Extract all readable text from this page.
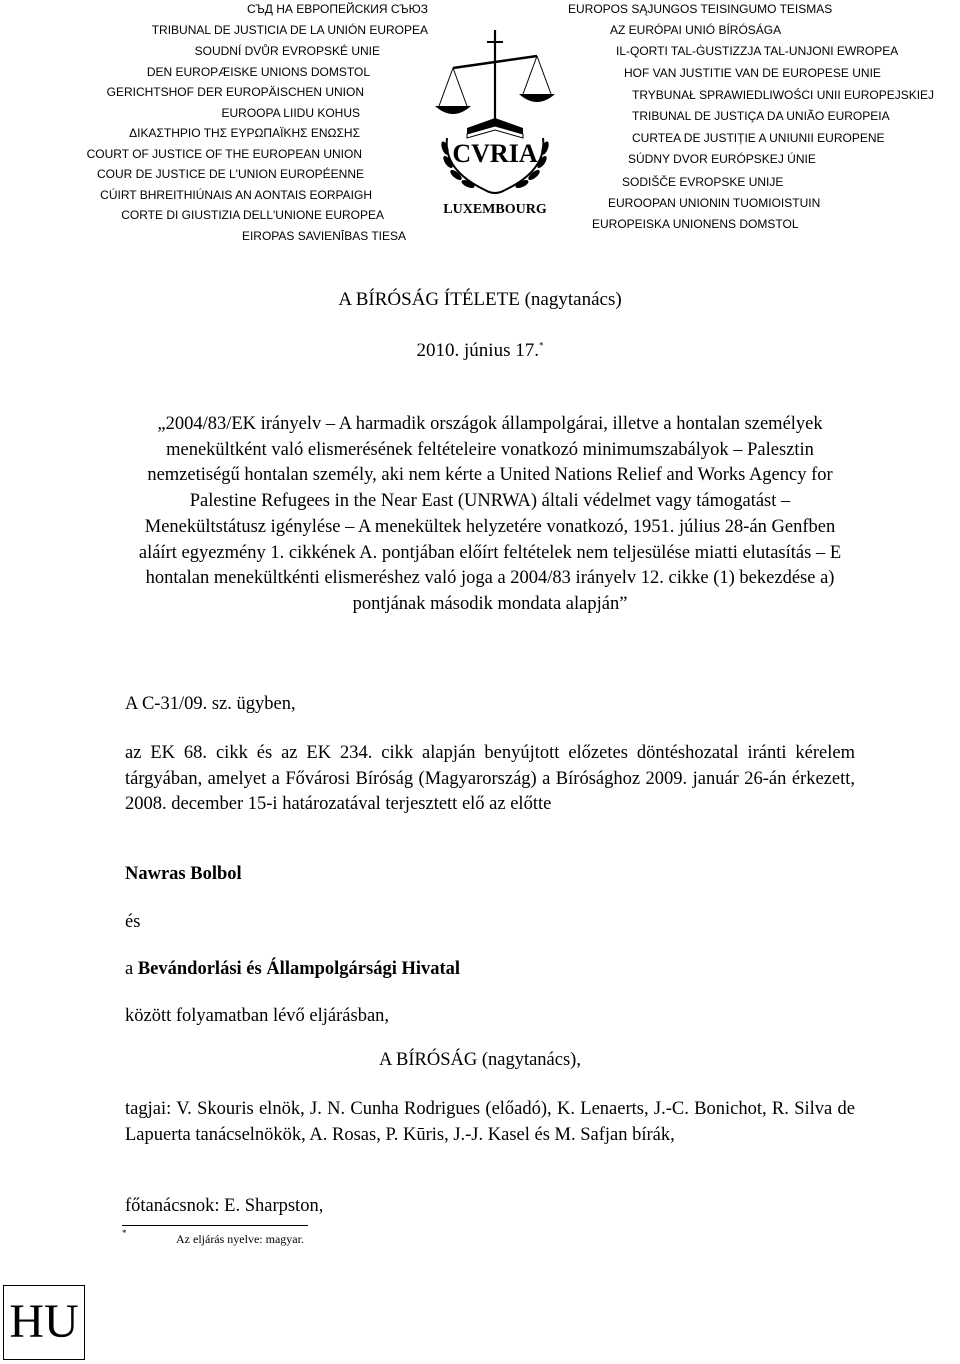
СЪД НА ЕВРОПЕЙСКИЯ СЪЮЗ
TRIBUNAL DE JUSTICIA DE LA UNIÓN EUROPEA
SOUDNÍ DVŮR EVROPSKÉ UNIE
DEN EUROPÆISKE UNIONS DOMSTOL
GERICHTSHOF DER EUROPÄISCHEN UNION
EUROOPA LIIDU KOHUS
ΔΙΚΑΣΤΗΡΙΟ ΤΗΣ ΕΥΡΩΠΑΪΚΗΣ ΕΝΩΣΗΣ
COURT OF JUSTICE OF THE EUROPEAN UNION
COUR DE JUSTICE DE L'UNION EUROPÉENNE
CÚIRT BHREITHIÚNAIS AN AONTAIS EORPAIGH
CORTE DI GIUSTIZIA DELL'UNIONE EUROPEA
EIROPAS SAVIENĪBAS TIESA
CVRIA
LUXEMBOURG
EUROPOS SĄJUNGOS TEISINGUMO TEISMAS
AZ EURÓPAI UNIÓ BÍRÓSÁGA
IL-QORTI TAL-ĠUSTIZZJA TAL-UNJONI EWROPEA
HOF VAN JUSTITIE VAN DE EUROPESE UNIE
TRYBUNAŁ SPRAWIEDLIWOŚCI UNII EUROPEJSKIEJ
TRIBUNAL DE JUSTIÇA DA UNIÃO EUROPEIA
CURTEA DE JUSTIȚIE A UNIUNII EUROPENE
SÚDNY DVOR EURÓPSKEJ ÚNIE
SODIŠČE EVROPSKE UNIJE
EUROOPAN UNIONIN TUOMIOISTUIN
EUROPEISKA UNIONENS DOMSTOL
A BÍRÓSÁG ÍTÉLETE (nagytanács)
2010. június 17.*
„2004/83/EK irányelv – A harmadik országok állampolgárai, illetve a hontalan személyek menekültként való elismerésének feltételeire vonatkozó minimumszabályok – Palesztin nemzetiségű hontalan személy, aki nem kérte a United Nations Relief and Works Agency for Palestine Refugees in the Near East (UNRWA) általi védelmet vagy támogatást – Menekültstátusz igénylése – A menekültek helyzetére vonatkozó, 1951. július 28-án Genfben aláírt egyezmény 1. cikkének A. pontjában előírt feltételek nem teljesülése miatti elutasítás – E hontalan menekültkénti elismeréshez való joga a 2004/83 irányelv 12. cikke (1) bekezdése a) pontjának második mondata alapján”
A C-31/09. sz. ügyben,
az EK 68. cikk és az EK 234. cikk alapján benyújtott előzetes döntéshozatal iránti kérelem tárgyában, amelyet a Fővárosi Bíróság (Magyarország) a Bírósághoz 2009. január 26-án érkezett, 2008. december 15-i határozatával terjesztett elő az előtte
Nawras Bolbol
és
a Bevándorlási és Állampolgársági Hivatal
között folyamatban lévő eljárásban,
A BÍRÓSÁG (nagytanács),
tagjai: V. Skouris elnök, J. N. Cunha Rodrigues (előadó), K. Lenaerts, J.-C. Bonichot, R. Silva de Lapuerta tanácselnökök, A. Rosas, P. Kūris, J.-J. Kasel és M. Safjan bírák,
főtanácsnok: E. Sharpston,
*	Az eljárás nyelve: magyar.
HU
